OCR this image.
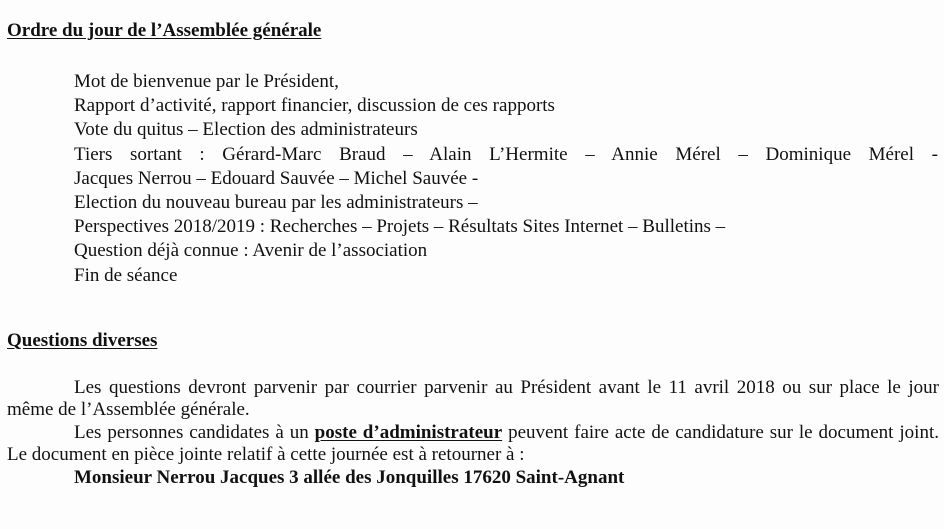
Ordre du jour de l’Assemblée générale
Mot de bienvenue par le Président,
Rapport d’activité, rapport financier, discussion de ces rapports
Vote du quitus – Election des administrateurs
Tiers sortant : Gérard-Marc Braud – Alain L’Hermite – Annie Mérel – Dominique Mérel -
Jacques Nerrou – Edouard Sauvée – Michel Sauvée -
Election du nouveau bureau par les administrateurs –
Perspectives 2018/2019 : Recherches – Projets – Résultats Sites Internet – Bulletins –
Question déjà connue : Avenir de l’association
Fin de séance
Questions diverses

Les questions devront parvenir par courrier parvenir au Président avant le 11 avril 2018 ou sur place le jour même de l’Assemblée générale.

Les personnes candidates à un poste d’administrateur peuvent faire acte de candidature sur le document joint. Le document en pièce jointe relatif à cette journée est à retourner à :

Monsieur Nerrou Jacques 3 allée des Jonquilles 17620 Saint-Agnant
